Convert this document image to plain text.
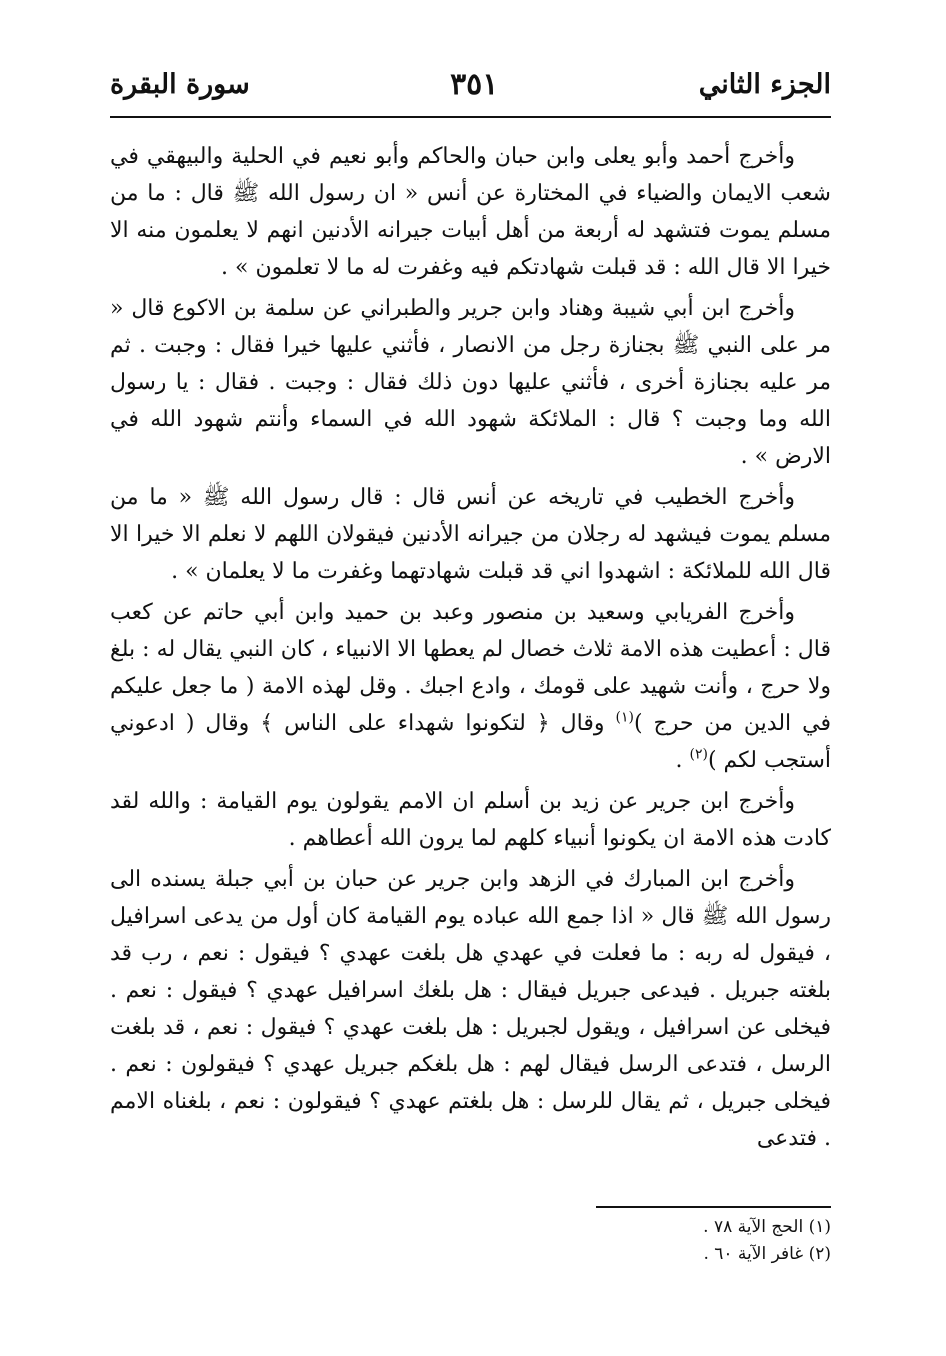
الجزء الثاني
٣٥١
سورة البقرة

وأخرج أحمد وأبو يعلى وابن حبان والحاكم وأبو نعيم في الحلية والبيهقي في شعب الايمان والضياء في المختارة عن أنس « ان رسول الله ﷺ قال : ما من مسلم يموت فتشهد له أربعة من أهل أبيات جيرانه الأدنين انهم لا يعلمون منه الا خيرا الا قال الله : قد قبلت شهادتكم فيه وغفرت له ما لا تعلمون » .

وأخرج ابن أبي شيبة وهناد وابن جرير والطبراني عن سلمة بن الاكوع قال « مر على النبي ﷺ بجنازة رجل من الانصار ، فأثني عليها خيرا فقال : وجبت . ثم مر عليه بجنازة أخرى ، فأثني عليها دون ذلك فقال : وجبت . فقال : يا رسول الله وما وجبت ؟ قال : الملائكة شهود الله في السماء وأنتم شهود الله في الارض » .

وأخرج الخطيب في تاريخه عن أنس قال : قال رسول الله ﷺ « ما من مسلم يموت فيشهد له رجلان من جيرانه الأدنين فيقولان اللهم لا نعلم الا خيرا الا قال الله للملائكة : اشهدوا اني قد قبلت شهادتهما وغفرت ما لا يعلمان » .

وأخرج الفريابي وسعيد بن منصور وعبد بن حميد وابن أبي حاتم عن كعب قال : أعطيت هذه الامة ثلاث خصال لم يعطها الا الانبياء ، كان النبي يقال له : بلغ ولا حرج ، وأنت شهيد على قومك ، وادع اجبك . وقل لهذه الامة ( ما جعل عليكم في الدين من حرج )$^{(١)}$ وقال ﴿ لتكونوا شهداء على الناس ﴾ وقال ( ادعوني أستجب لكم )$^{(٢)}$ .

وأخرج ابن جرير عن زيد بن أسلم ان الامم يقولون يوم القيامة : والله لقد كادت هذه الامة ان يكونوا أنبياء كلهم لما يرون الله أعطاهم .

وأخرج ابن المبارك في الزهد وابن جرير عن حبان بن أبي جبلة يسنده الى رسول الله ﷺ قال « اذا جمع الله عباده يوم القيامة كان أول من يدعى اسرافيل ، فيقول له ربه : ما فعلت في عهدي هل بلغت عهدي ؟ فيقول : نعم ، رب قد بلغته جبريل . فيدعى جبريل فيقال : هل بلغك اسرافيل عهدي ؟ فيقول : نعم . فيخلى عن اسرافيل ، ويقول لجبريل : هل بلغت عهدي ؟ فيقول : نعم ، قد بلغت الرسل ، فتدعى الرسل فيقال لهم : هل بلغكم جبريل عهدي ؟ فيقولون : نعم . فيخلى جبريل ، ثم يقال للرسل : هل بلغتم عهدي ؟ فيقولون : نعم ، بلغناه الامم . فتدعى

(١) الحج الآية ٧٨ .
(٢) غافر الآية ٦٠ .
